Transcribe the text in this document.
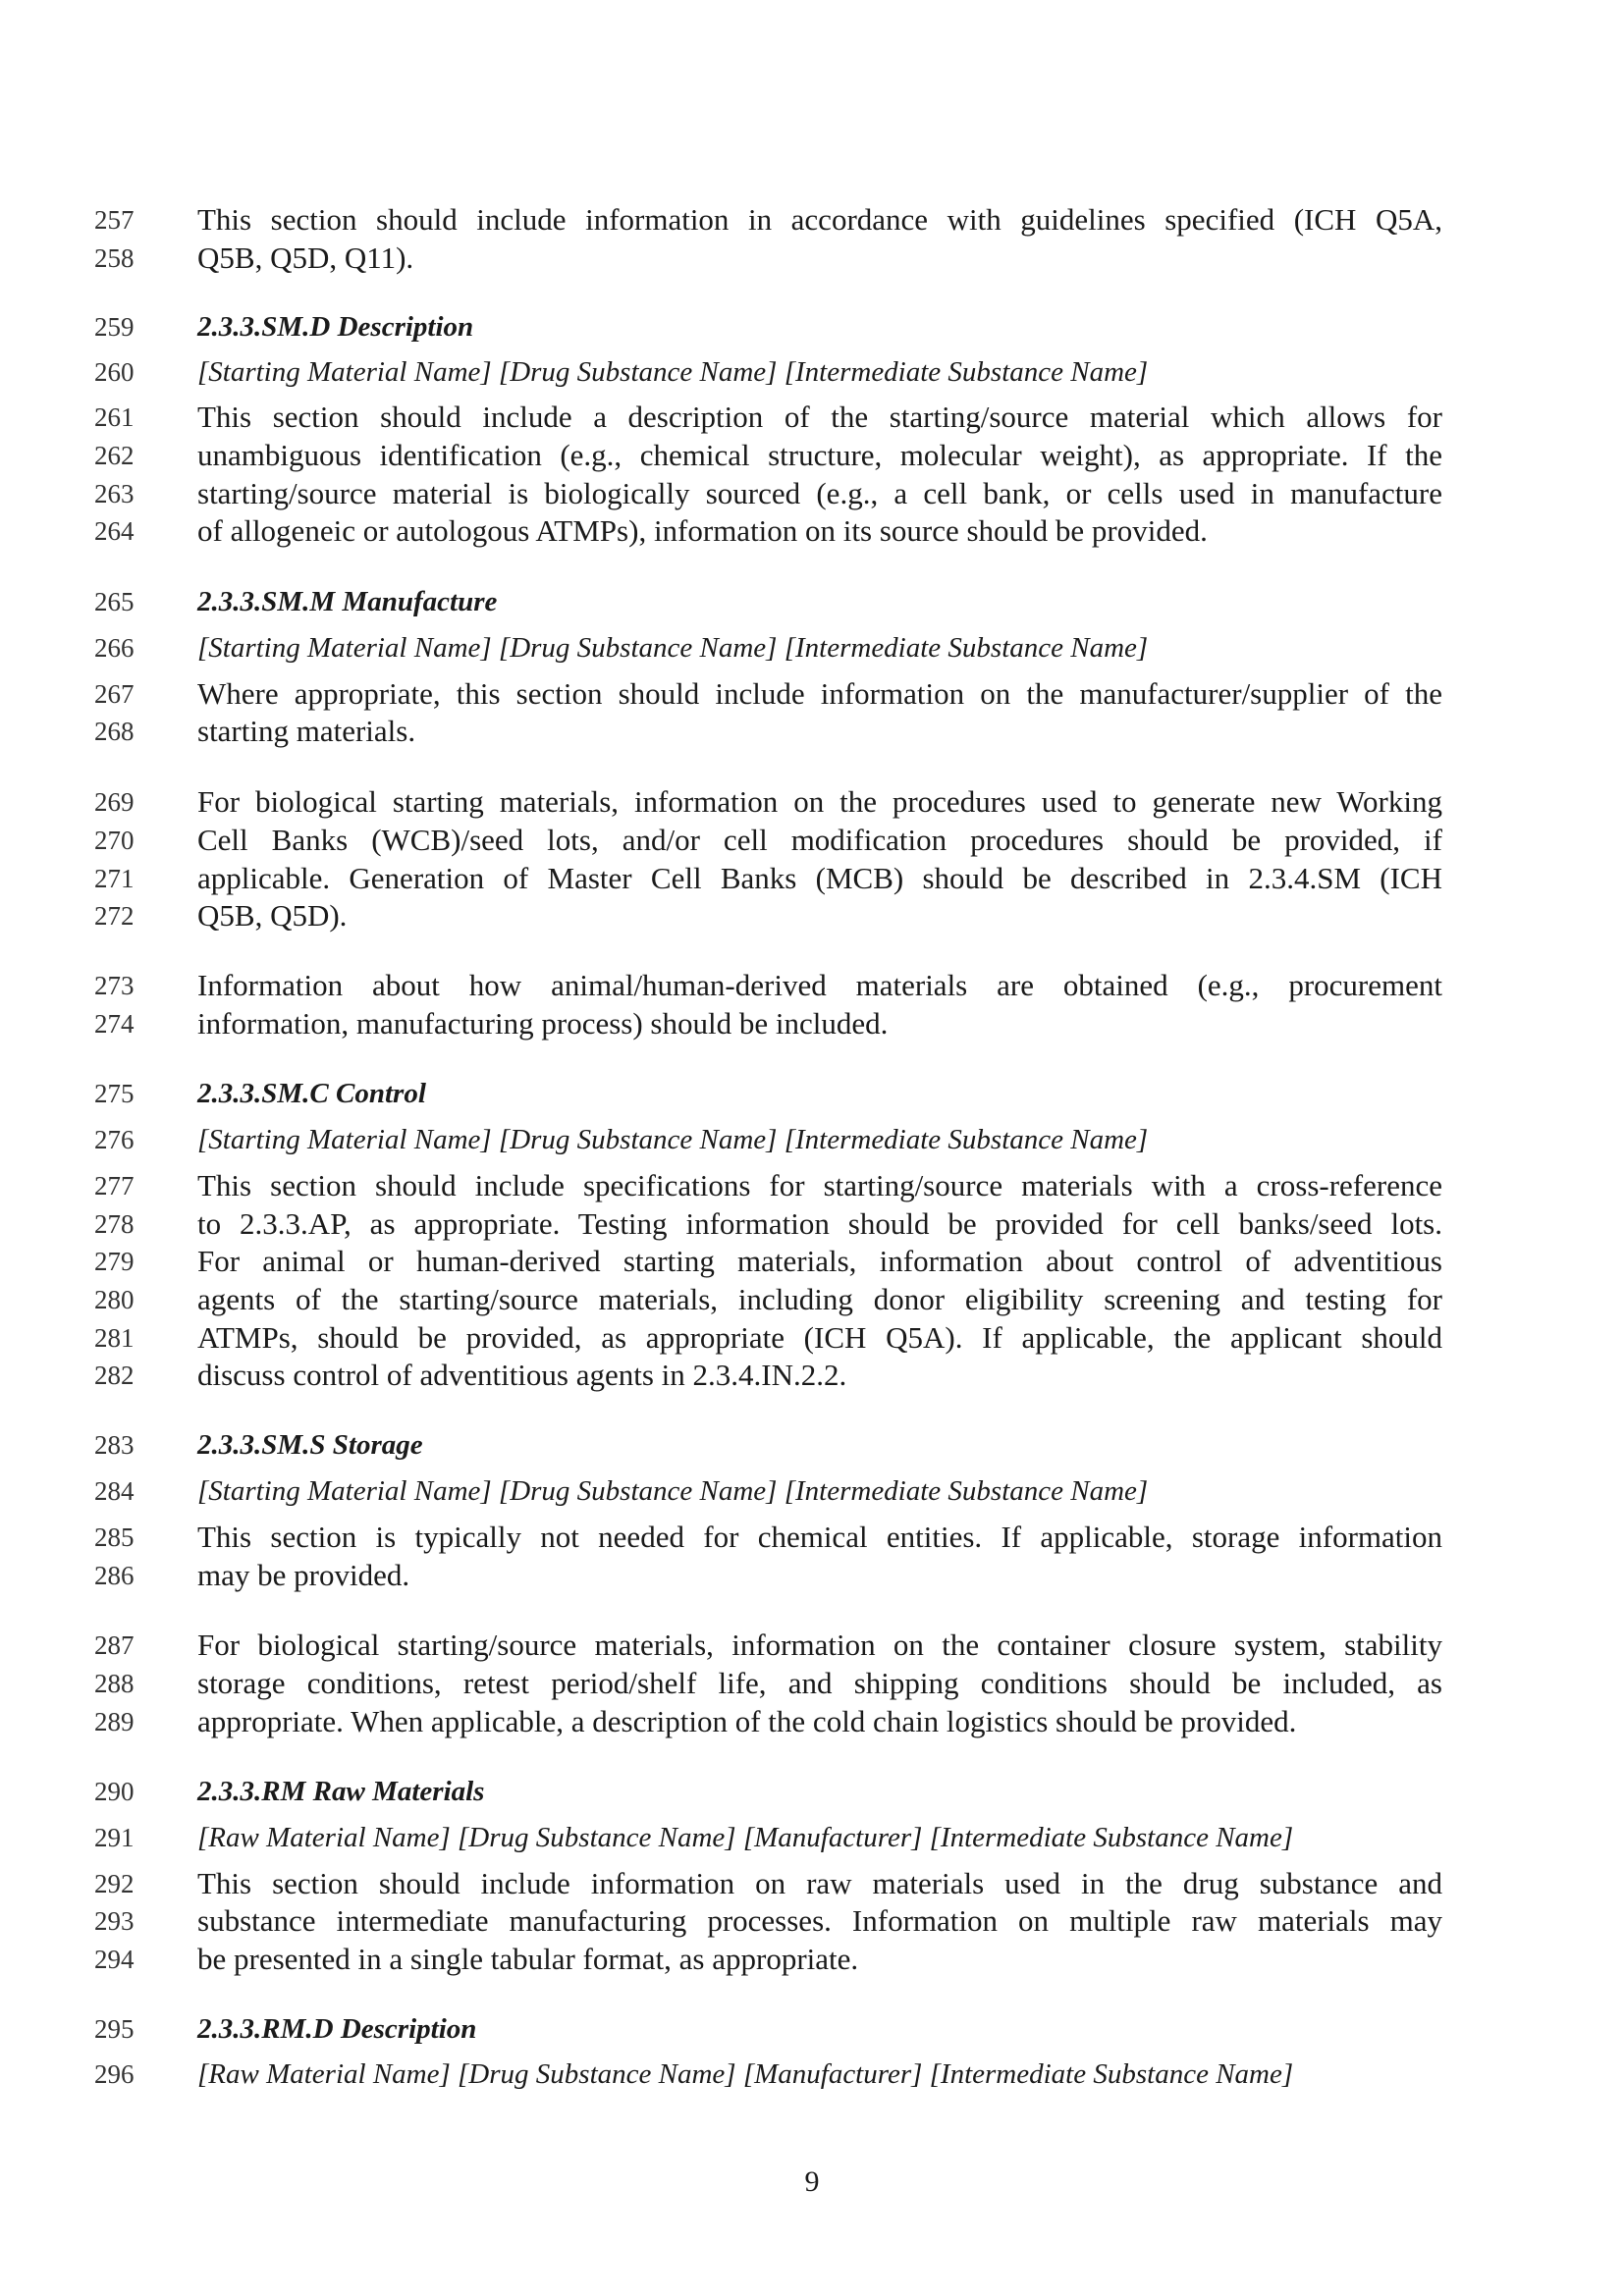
257	This section should include information in accordance with guidelines specified (ICH Q5A,
258	Q5B, Q5D, Q11).
259	2.3.3.SM.D Description
260	[Starting Material Name] [Drug Substance Name] [Intermediate Substance Name]
261	This section should include a description of the starting/source material which allows for
262	unambiguous identification (e.g., chemical structure, molecular weight), as appropriate. If the
263	starting/source material is biologically sourced (e.g., a cell bank, or cells used in manufacture
264	of allogeneic or autologous ATMPs), information on its source should be provided.
265	2.3.3.SM.M Manufacture
266	[Starting Material Name] [Drug Substance Name] [Intermediate Substance Name]
267	Where appropriate, this section should include information on the manufacturer/supplier of the
268	starting materials.
269	For biological starting materials, information on the procedures used to generate new Working
270	Cell Banks (WCB)/seed lots, and/or cell modification procedures should be provided, if
271	applicable. Generation of Master Cell Banks (MCB) should be described in 2.3.4.SM (ICH
272	Q5B, Q5D).
273	Information about how animal/human-derived materials are obtained (e.g., procurement
274	information, manufacturing process) should be included.
275	2.3.3.SM.C Control
276	[Starting Material Name] [Drug Substance Name] [Intermediate Substance Name]
277	This section should include specifications for starting/source materials with a cross-reference
278	to 2.3.3.AP, as appropriate. Testing information should be provided for cell banks/seed lots.
279	For animal or human-derived starting materials, information about control of adventitious
280	agents of the starting/source materials, including donor eligibility screening and testing for
281	ATMPs, should be provided, as appropriate (ICH Q5A). If applicable, the applicant should
282	discuss control of adventitious agents in 2.3.4.IN.2.2.
283	2.3.3.SM.S Storage
284	[Starting Material Name] [Drug Substance Name] [Intermediate Substance Name]
285	This section is typically not needed for chemical entities. If applicable, storage information
286	may be provided.
287	For biological starting/source materials, information on the container closure system, stability
288	storage conditions, retest period/shelf life, and shipping conditions should be included, as
289	appropriate. When applicable, a description of the cold chain logistics should be provided.
290	2.3.3.RM Raw Materials
291	[Raw Material Name] [Drug Substance Name] [Manufacturer] [Intermediate Substance Name]
292	This section should include information on raw materials used in the drug substance and
293	substance intermediate manufacturing processes. Information on multiple raw materials may
294	be presented in a single tabular format, as appropriate.
295	2.3.3.RM.D Description
296	[Raw Material Name] [Drug Substance Name] [Manufacturer] [Intermediate Substance Name]
9
